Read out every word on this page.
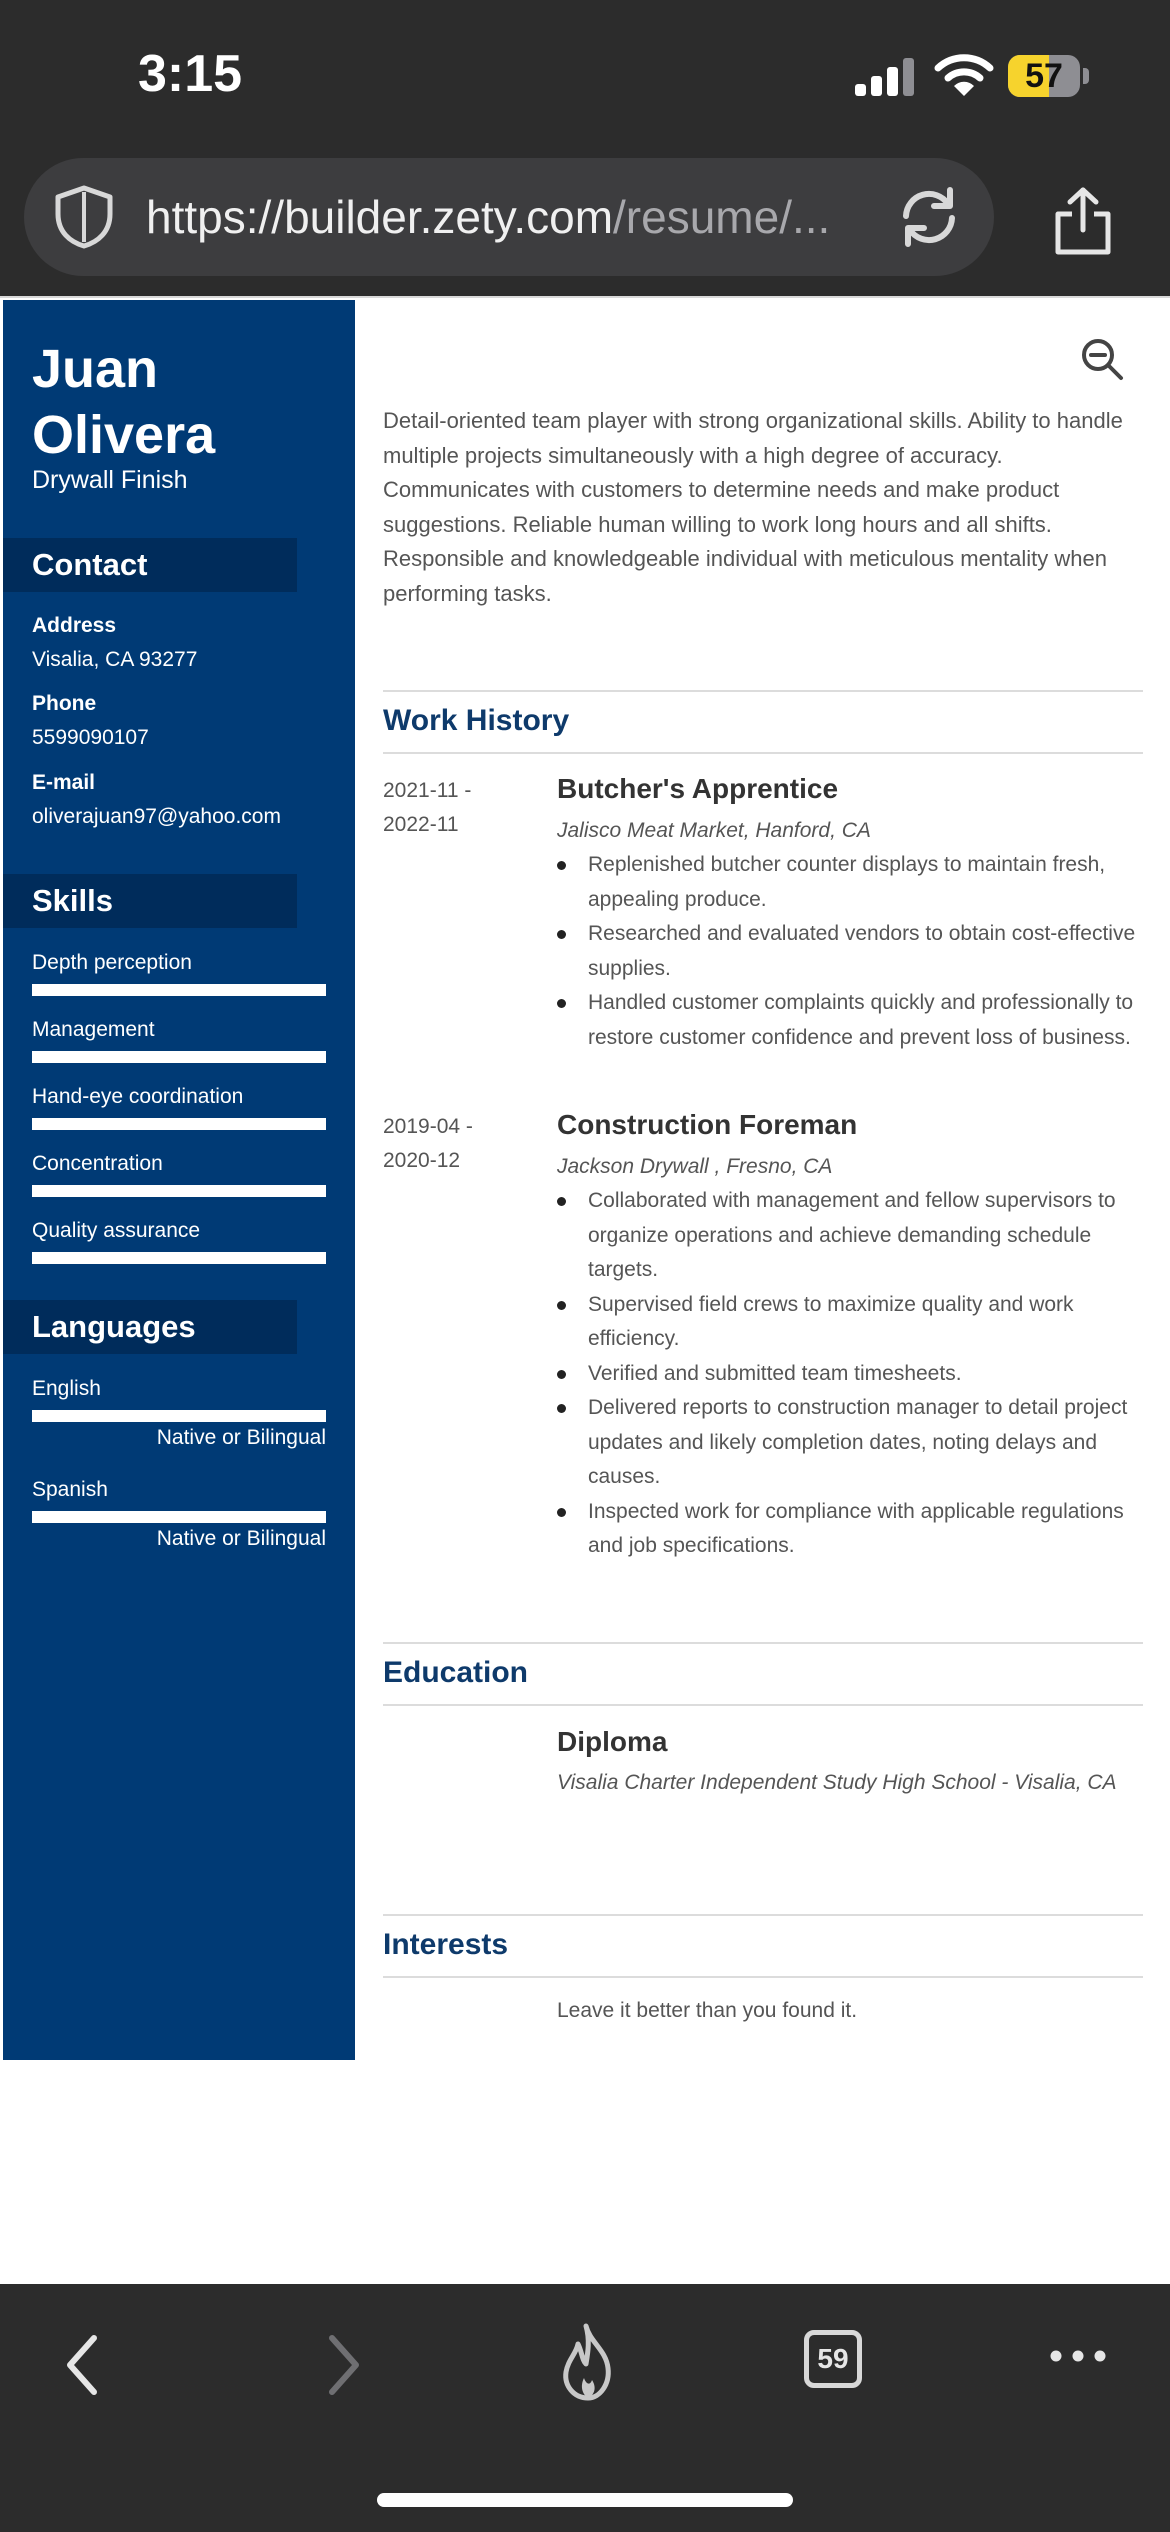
3:15	57
https://builder.zety.com/resume/...
Juan
Olivera
Drywall Finish
Contact
Address
Visalia, CA 93277
Phone
5599090107
E-mail
oliverajuan97@yahoo.com
Skills
Depth perception
Management
Hand-eye coordination
Concentration
Quality assurance
Languages
English
Native or Bilingual
Spanish
Native or Bilingual
Detail-oriented team player with strong organizational skills. Ability to handle multiple projects simultaneously with a high degree of accuracy. Communicates with customers to determine needs and make product suggestions. Reliable human willing to work long hours and all shifts. Responsible and knowledgeable individual with meticulous mentality when performing tasks.
Work History
2021-11 - 2022-11
Butcher's Apprentice
Jalisco Meat Market, Hanford, CA
Replenished butcher counter displays to maintain fresh, appealing produce.
Researched and evaluated vendors to obtain cost-effective supplies.
Handled customer complaints quickly and professionally to restore customer confidence and prevent loss of business.
2019-04 - 2020-12
Construction Foreman
Jackson Drywall , Fresno, CA
Collaborated with management and fellow supervisors to organize operations and achieve demanding schedule targets.
Supervised field crews to maximize quality and work efficiency.
Verified and submitted team timesheets.
Delivered reports to construction manager to detail project updates and likely completion dates, noting delays and causes.
Inspected work for compliance with applicable regulations and job specifications.
Education
Diploma
Visalia Charter Independent Study High School - Visalia, CA
Interests
Leave it better than you found it.
59
